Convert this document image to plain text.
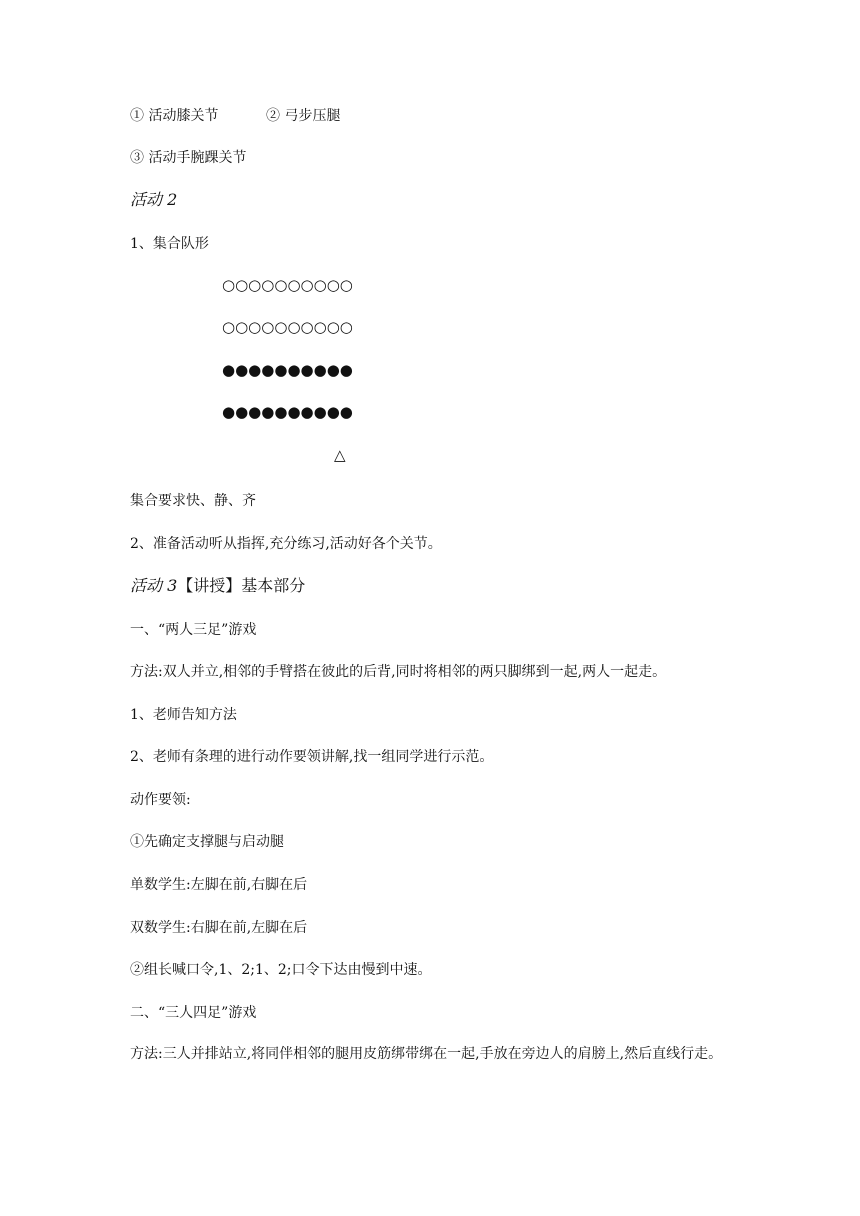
① 活动膝关节	② 弓步压腿
③ 活动手腕踝关节
活动 2
1、集合队形
○○○○○○○○○○
○○○○○○○○○○
●●●●●●●●●●
●●●●●●●●●●
△
集合要求快、静、齐
2、准备活动听从指挥,充分练习,活动好各个关节。
活动 3【讲授】基本部分
一、“两人三足”游戏
方法:双人并立,相邻的手臂搭在彼此的后背,同时将相邻的两只脚绑到一起,两人一起走。
1、老师告知方法
2、老师有条理的进行动作要领讲解,找一组同学进行示范。
动作要领:
①先确定支撑腿与启动腿
单数学生:左脚在前,右脚在后
双数学生:右脚在前,左脚在后
②组长喊口令,1、2;1、2;口令下达由慢到中速。
二、“三人四足”游戏
方法:三人并排站立,将同伴相邻的腿用皮筋绑带绑在一起,手放在旁边人的肩膀上,然后直线行走。
